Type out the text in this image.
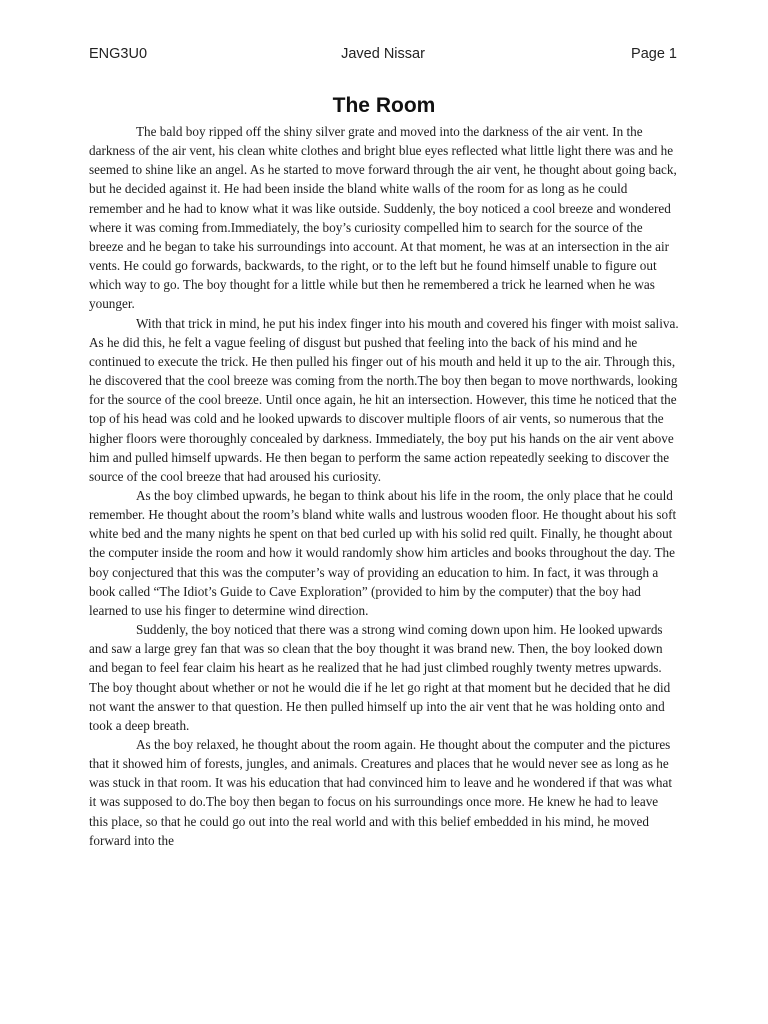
ENG3U0	Javed Nissar	Page 1
The Room

The bald boy ripped off the shiny silver grate and moved into the darkness of the air vent. In the darkness of the air vent, his clean white clothes and bright blue eyes reflected what little light there was and he seemed to shine like an angel. As he started to move forward through the air vent, he thought about going back, but he decided against it. He had been inside the bland white walls of the room for as long as he could remember and he had to know what it was like outside. Suddenly, the boy noticed a cool breeze and wondered where it was coming from.Immediately, the boy’s curiosity compelled him to search for the source of the breeze and he began to take his surroundings into account. At that moment, he was at an intersection in the air vents. He could go forwards, backwards, to the right, or to the left but he found himself unable to figure out which way to go. The boy thought for a little while but then he remembered a trick he learned when he was younger.

With that trick in mind, he put his index finger into his mouth and covered his finger with moist saliva. As he did this, he felt a vague feeling of disgust but pushed that feeling into the back of his mind and he continued to execute the trick. He then pulled his finger out of his mouth and held it up to the air. Through this, he discovered that the cool breeze was coming from the north.The boy then began to move northwards, looking for the source of the cool breeze. Until once again, he hit an intersection. However, this time he noticed that the top of his head was cold and he looked upwards to discover multiple floors of air vents, so numerous that the higher floors were thoroughly concealed by darkness. Immediately, the boy put his hands on the air vent above him and pulled himself upwards. He then began to perform the same action repeatedly seeking to discover the source of the cool breeze that had aroused his curiosity.

As the boy climbed upwards, he began to think about his life in the room, the only place that he could remember. He thought about the room’s bland white walls and lustrous wooden floor. He thought about his soft white bed and the many nights he spent on that bed curled up with his solid red quilt. Finally, he thought about the computer inside the room and how it would randomly show him articles and books throughout the day. The boy conjectured that this was the computer’s way of providing an education to him. In fact, it was through a book called “The Idiot’s Guide to Cave Exploration” (provided to him by the computer) that the boy had learned to use his finger to determine wind direction.

Suddenly, the boy noticed that there was a strong wind coming down upon him. He looked upwards and saw a large grey fan that was so clean that the boy thought it was brand new. Then, the boy looked down and began to feel fear claim his heart as he realized that he had just climbed roughly twenty metres upwards. The boy thought about whether or not he would die if he let go right at that moment but he decided that he did not want the answer to that question. He then pulled himself up into the air vent that he was holding onto and took a deep breath.

As the boy relaxed, he thought about the room again. He thought about the computer and the pictures that it showed him of forests, jungles, and animals. Creatures and places that he would never see as long as he was stuck in that room. It was his education that had convinced him to leave and he wondered if that was what it was supposed to do.The boy then began to focus on his surroundings once more. He knew he had to leave this place, so that he could go out into the real world and with this belief embedded in his mind, he moved forward into the
